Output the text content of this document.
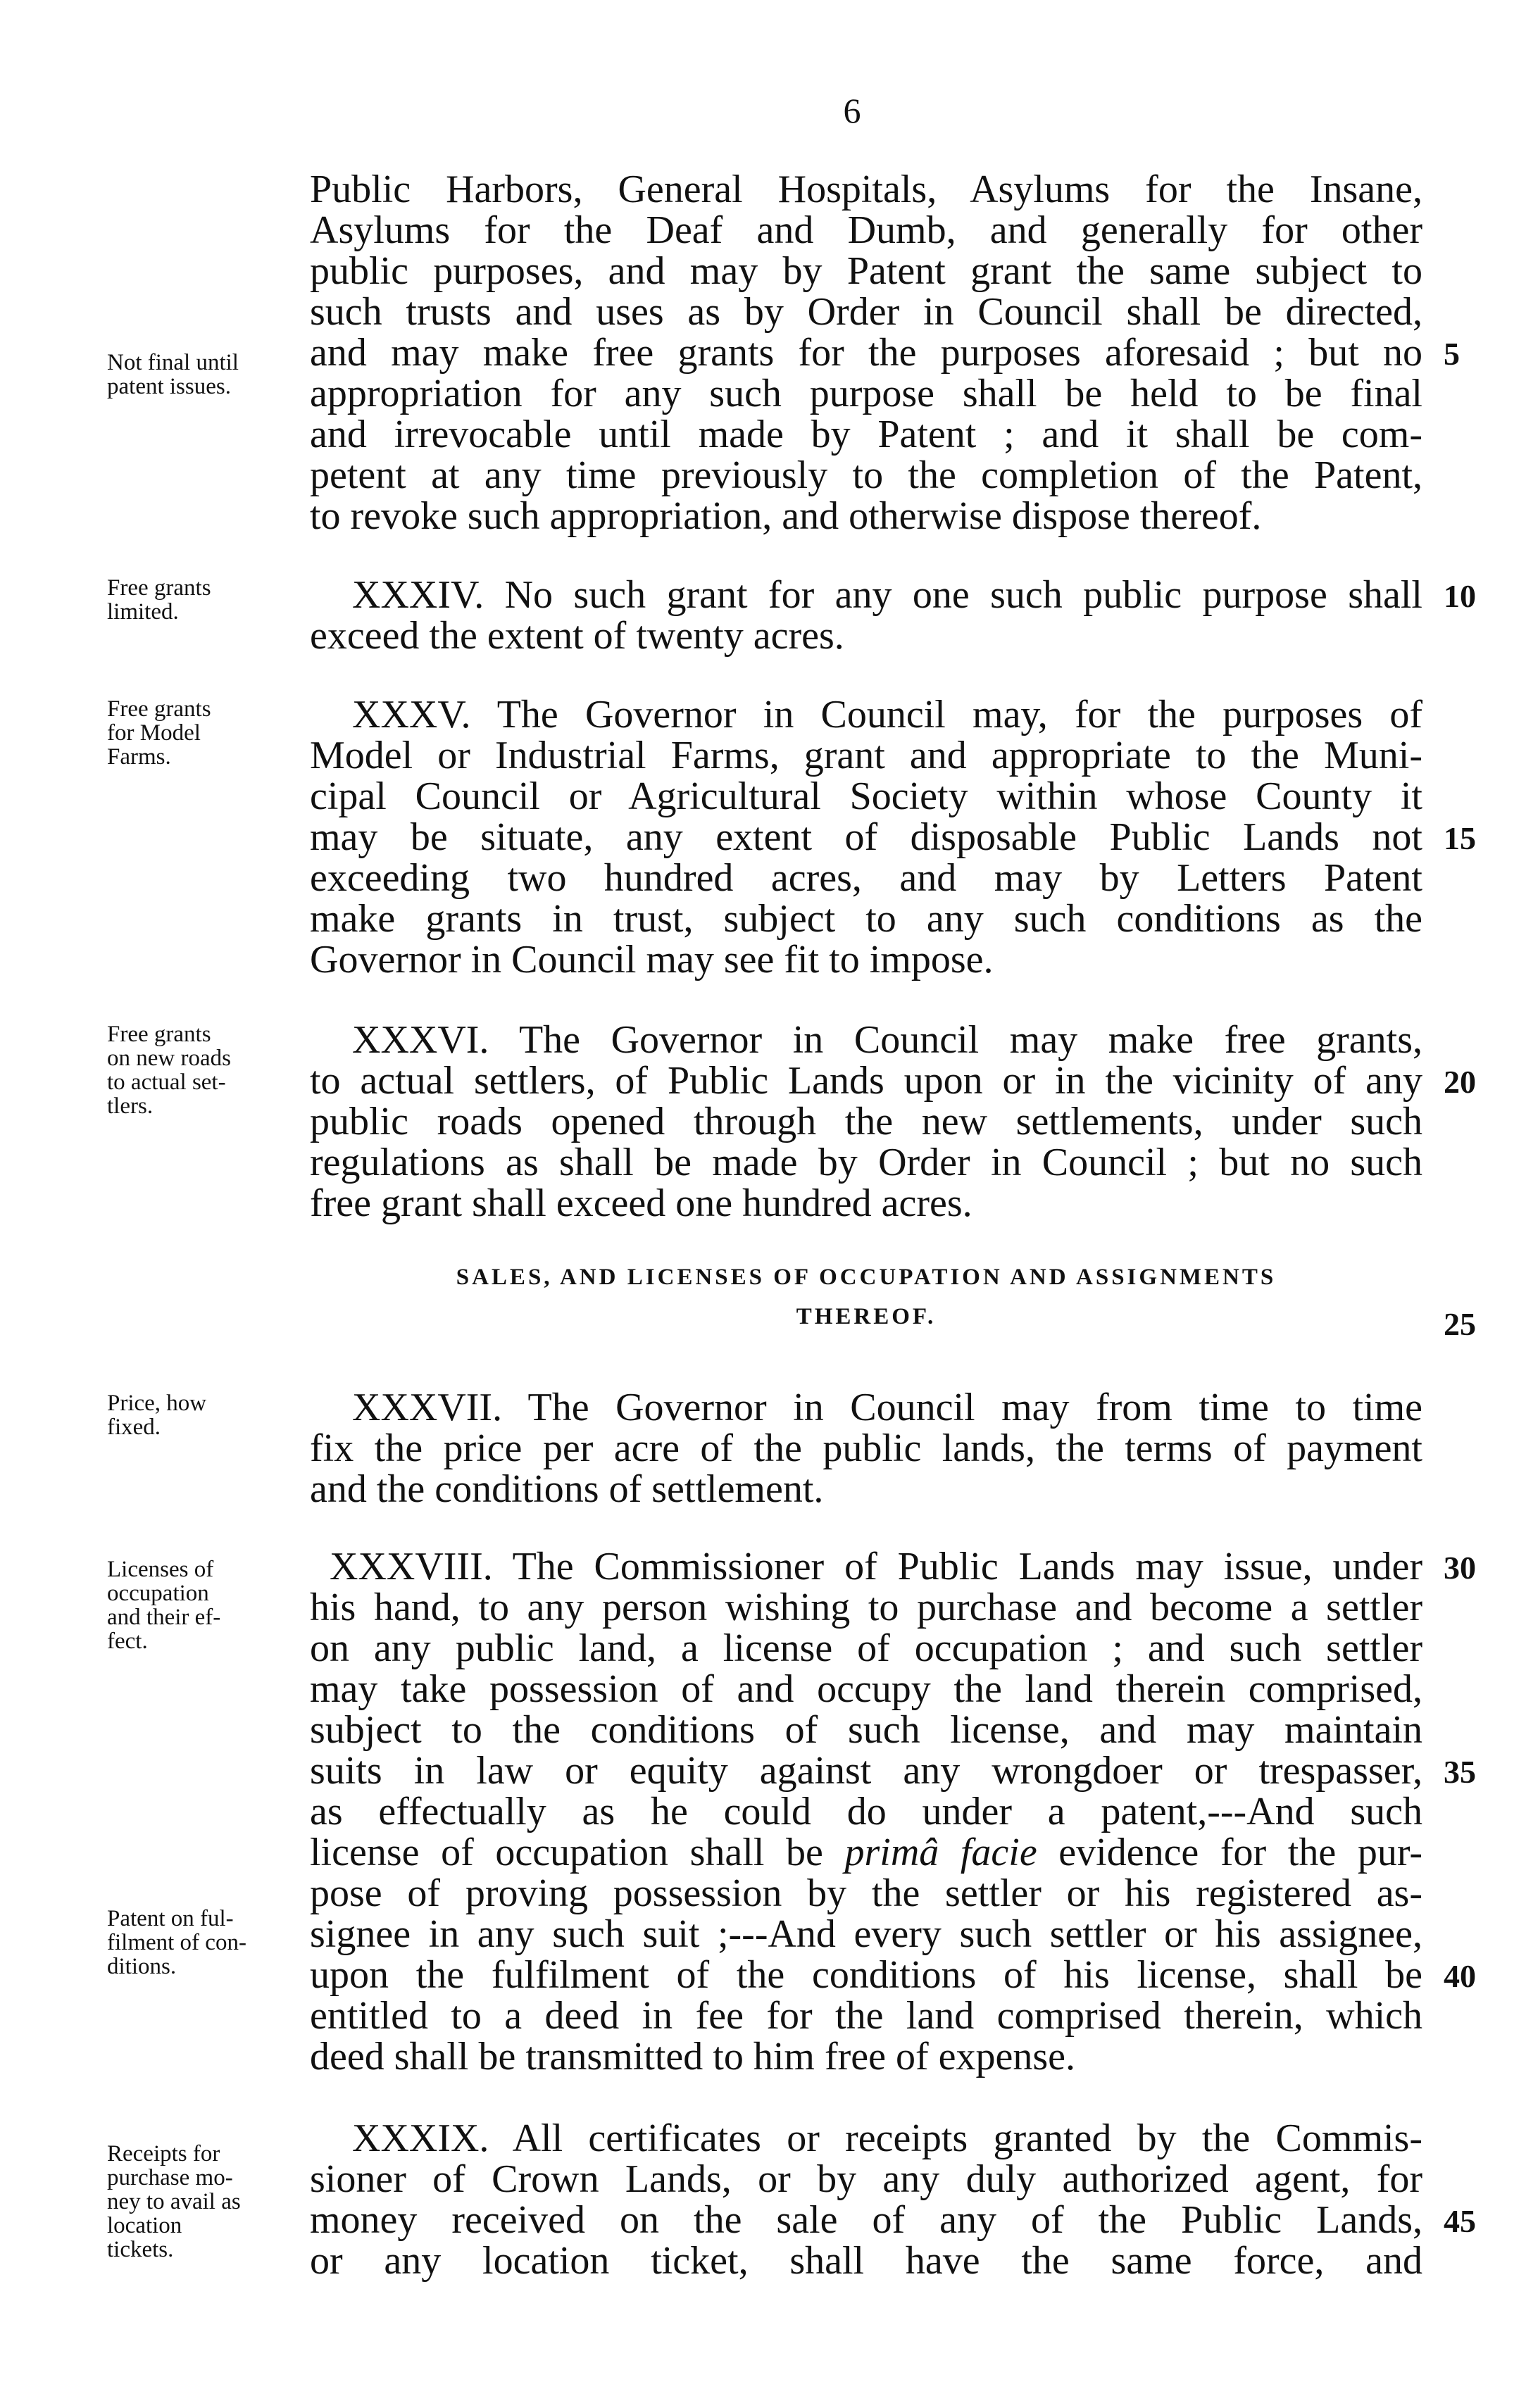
6
Not final until
patent issues.
Free grants
limited.
Free grants
for Model
Farms.
Free grants
on new roads
to actual set-
tlers.
Price, how
fixed.
Licenses of
occupation
and their ef-
fect.
Patent on ful-
filment of con-
ditions.
Receipts for
purchase mo-
ney to avail as
location
tickets.
Public Harbors, General Hospitals, Asylums for the Insane,
Asylums for the Deaf and Dumb, and generally for other
public purposes, and may by Patent grant the same subject to
such trusts and uses as by Order in Council shall be directed,
and may make free grants for the purposes aforesaid ; but no
appropriation for any such purpose shall be held to be final
and irrevocable until made by Patent ; and it shall be com-
petent at any time previously to the completion of the Patent,
to revoke such appropriation, and otherwise dispose thereof.
XXXIV. No such grant for any one such public purpose shall
exceed the extent of twenty acres.
XXXV. The Governor in Council may, for the purposes of
Model or Industrial Farms, grant and appropriate to the Muni-
cipal Council or Agricultural Society within whose County it
may be situate, any extent of disposable Public Lands not
exceeding two hundred acres, and may by Letters Patent
make grants in trust, subject to any such conditions as the
Governor in Council may see fit to impose.
XXXVI. The Governor in Council may make free grants,
to actual settlers, of Public Lands upon or in the vicinity of any
public roads opened through the new settlements, under such
regulations as shall be made by Order in Council ; but no such
free grant shall exceed one hundred acres.
SALES, AND LICENSES OF OCCUPATION AND ASSIGNMENTS
THEREOF.
XXXVII. The Governor in Council may from time to time
fix the price per acre of the public lands, the terms of payment
and the conditions of settlement.
XXXVIII. The Commissioner of Public Lands may issue, under
his hand, to any person wishing to purchase and become a settler
on any public land, a license of occupation ; and such settler
may take possession of and occupy the land therein comprised,
subject to the conditions of such license, and may maintain
suits in law or equity against any wrongdoer or trespasser,
as effectually as he could do under a patent,---And such
license of occupation shall be primâ facie evidence for the pur-
pose of proving possession by the settler or his registered as-
signee in any such suit ;---And every such settler or his assignee,
upon the fulfilment of the conditions of his license, shall be
entitled to a deed in fee for the land comprised therein, which
deed shall be transmitted to him free of expense.
XXXIX. All certificates or receipts granted by the Commis-
sioner of Crown Lands, or by any duly authorized agent, for
money received on the sale of any of the Public Lands,
or any location ticket, shall have the same force, and
5
10
15
20
25
30
35
40
45
